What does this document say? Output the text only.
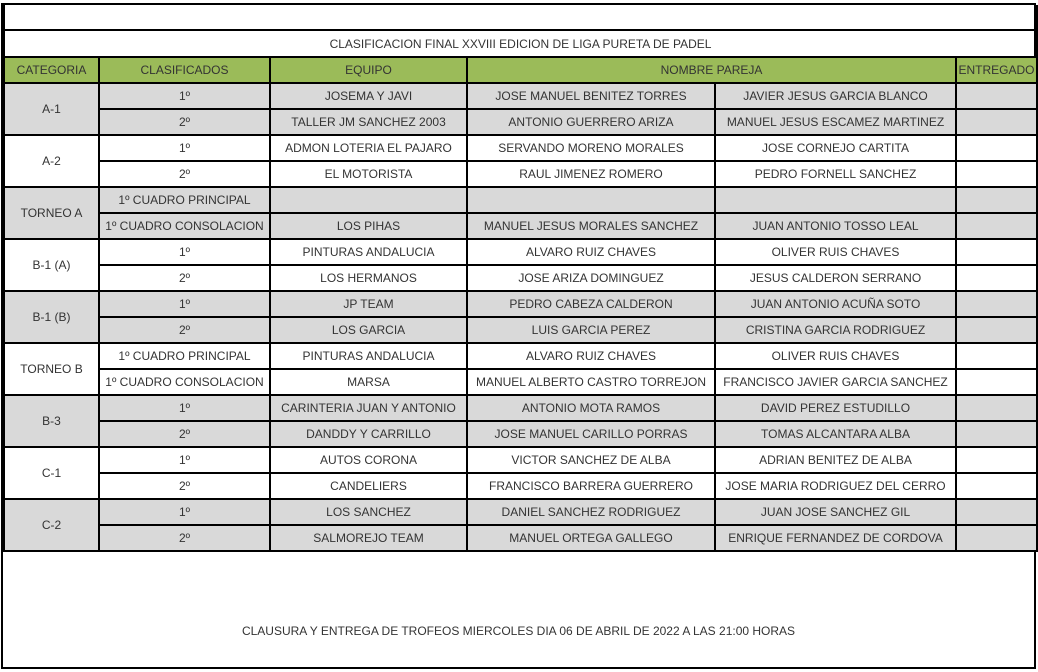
CLASIFICACION FINAL XXVIII EDICION DE LIGA PURETA DE PADEL					
CATEGORIA	CLASIFICADOS	EQUIPO	NOMBRE PAREJA		ENTREGADO
A-1	1º	JOSEMA Y JAVI	JOSE MANUEL BENITEZ TORRES	JAVIER JESUS GARCIA BLANCO	
	2º	TALLER JM SANCHEZ 2003	ANTONIO GUERRERO ARIZA	MANUEL JESUS ESCAMEZ MARTINEZ	
A-2	1º	ADMON LOTERIA EL PAJARO	SERVANDO MORENO MORALES	JOSE CORNEJO CARTITA	
	2º	EL MOTORISTA	RAUL JIMENEZ ROMERO	PEDRO FORNELL SANCHEZ	
TORNEO A	1º CUADRO PRINCIPAL				
	1º CUADRO CONSOLACION	LOS PIHAS	MANUEL JESUS MORALES SANCHEZ	JUAN ANTONIO TOSSO LEAL	
B-1 (A)	1º	PINTURAS ANDALUCIA	ALVARO RUIZ CHAVES	OLIVER RUIS CHAVES	
	2º	LOS HERMANOS	JOSE ARIZA DOMINGUEZ	JESUS CALDERON SERRANO	
B-1 (B)	1º	JP TEAM	PEDRO CABEZA CALDERON	JUAN ANTONIO ACUÑA SOTO	
	2º	LOS GARCIA	LUIS GARCIA PEREZ	CRISTINA GARCIA RODRIGUEZ	
TORNEO B	1º CUADRO PRINCIPAL	PINTURAS ANDALUCIA	ALVARO RUIZ CHAVES	OLIVER RUIS CHAVES	
	1º CUADRO CONSOLACION	MARSA	MANUEL ALBERTO CASTRO TORREJON	FRANCISCO JAVIER GARCIA SANCHEZ	
B-3	1º	CARINTERIA JUAN Y ANTONIO	ANTONIO MOTA RAMOS	DAVID PEREZ ESTUDILLO	
	2º	DANDDY Y CARRILLO	JOSE MANUEL CARILLO PORRAS	TOMAS ALCANTARA ALBA	
C-1	1º	AUTOS CORONA	VICTOR SANCHEZ DE ALBA	ADRIAN BENITEZ DE ALBA	
	2º	CANDELIERS	FRANCISCO BARRERA GUERRERO	JOSE MARIA RODRIGUEZ DEL CERRO	
C-2	1º	LOS SANCHEZ	DANIEL SANCHEZ RODRIGUEZ	JUAN JOSE SANCHEZ GIL	
	2º	SALMOREJO TEAM	MANUEL ORTEGA GALLEGO	ENRIQUE FERNANDEZ DE CORDOVA	
CLAUSURA Y ENTREGA DE TROFEOS MIERCOLES DIA 06 DE ABRIL DE 2022 A LAS 21:00 HORAS
